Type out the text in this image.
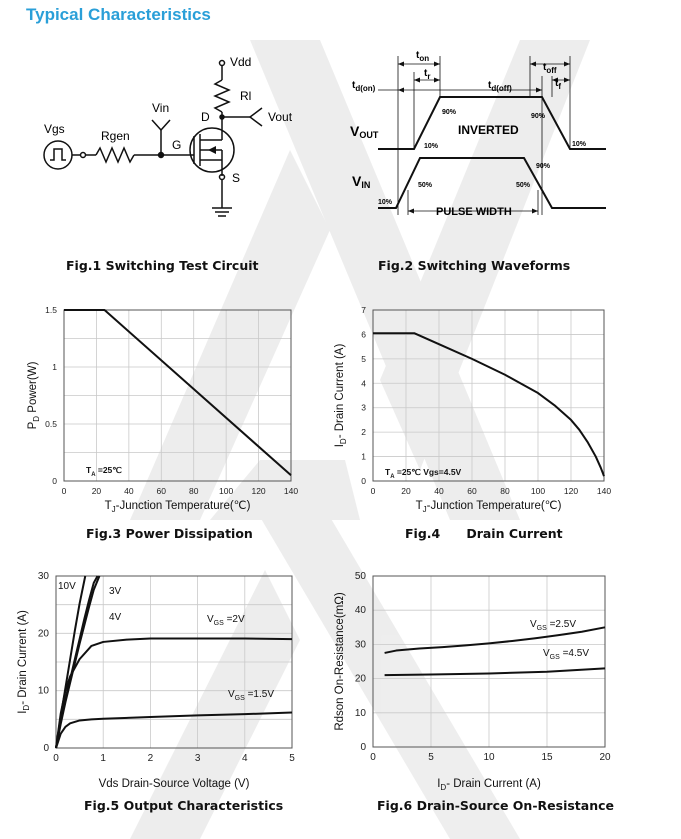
Typical Characteristics
Vdd
Rl
Vout
Vin
D
G
S
Rgen
Vgs
Fig.1 Switching Test Circuit
$t_{on}$
$t_r$
$t_{d(on)}$	$t_{d(off)}$
$t_{off}$
$t_f$
VOUT
VIN
INVERTED
PULSE WIDTH
90%
90%
90%
10%	10%
10%
50%	50%
Fig.2 Switching Waveforms
0	20	40	60	80 100 120 140
0
0.5
1
1.5
$P_D$ Power(W)
$T_J$-Junction Temperature(℃)
$T_A$ =25℃
0	20	40	60	80 100 120 140
0
1
2
3
4
5
6
7
$I_D-$ Drain Current (A)
$T_J$-Junction Temperature(℃)
$T_A$ =25℃ Vgs=4.5V
0	1	2	3	4	5
0
10
20
30
10V	3V
4V	$V_{GS} =2V$
$V_{GS} =1.5V$
$I_D-$ Drain Current (A)
Vds Drain-Source Voltage (V)
0	5	10	15	20
0
10
20
30
40
50
$V_{GS} =2.5V$
$V_{GS} =4.5V$
Rdson On-Resistance(mΩ)
$I_D-$ Drain Current (A)
Fig.3 Power Dissipation	Fig.4      Drain Current
Fig.5 Output Characteristics	Fig.6 Drain-Source On-Resistance
